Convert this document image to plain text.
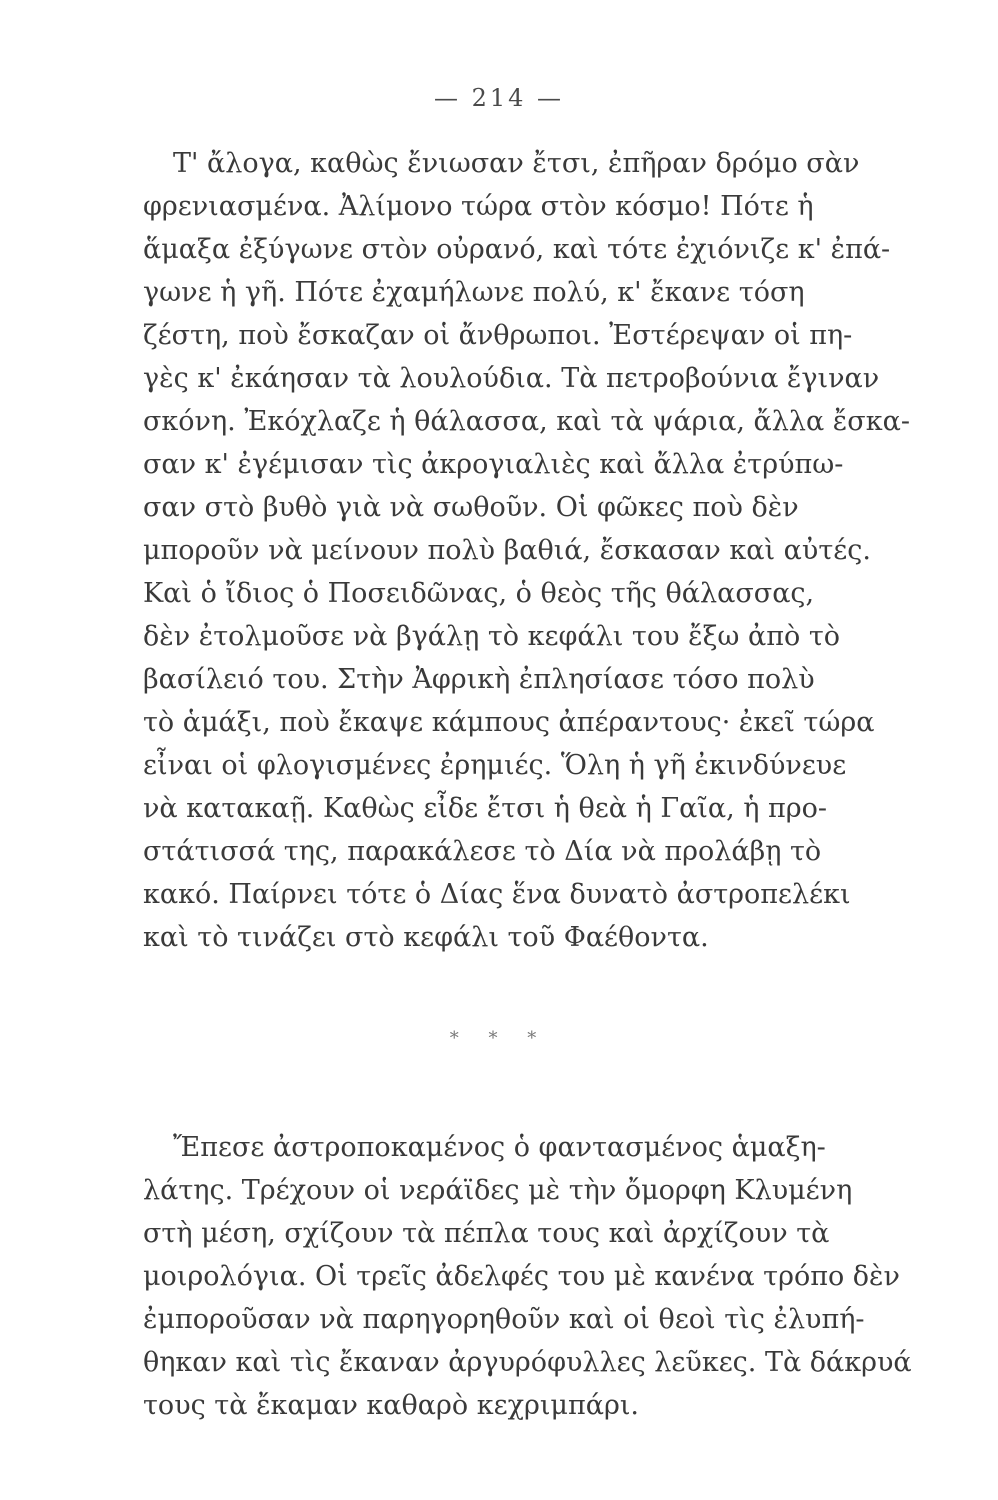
— 214 —
Τ' ἄλογα, καθὼς ἔνιωσαν ἔτσι, ἐπῆραν δρόμο σὰν
φρενιασμένα. Ἀλίμονο τώρα στὸν κόσμο! Πότε ἡ
ἅμαξα ἐξύγωνε στὸν οὐρανό, καὶ τότε ἐχιόνιζε κ' ἐπά-
γωνε ἡ γῆ. Πότε ἐχαμήλωνε πολύ, κ' ἔκανε τόση
ζέστη, ποὺ ἔσκαζαν οἱ ἄνθρωποι. Ἐστέρεψαν οἱ πη-
γὲς κ' ἐκάησαν τὰ λουλούδια. Τὰ πετροβούνια ἔγιναν
σκόνη. Ἐκόχλαζε ἡ θάλασσα, καὶ τὰ ψάρια, ἄλλα ἔσκα-
σαν κ' ἐγέμισαν τὶς ἀκρογιαλιὲς καὶ ἄλλα ἐτρύπω-
σαν στὸ βυθὸ γιὰ νὰ σωθοῦν. Οἱ φῶκες ποὺ δὲν
μποροῦν νὰ μείνουν πολὺ βαθιά, ἔσκασαν καὶ αὐτές.
Καὶ ὁ ἴδιος ὁ Ποσειδῶνας, ὁ θεὸς τῆς θάλασσας,
δὲν ἐτολμοῦσε νὰ βγάλῃ τὸ κεφάλι του ἔξω ἀπὸ τὸ
βασίλειό του. Στὴν Ἀφρικὴ ἐπλησίασε τόσο πολὺ
τὸ ἁμάξι, ποὺ ἔκαψε κάμπους ἀπέραντους· ἐκεῖ τώρα
εἶναι οἱ φλογισμένες ἐρημιές. Ὅλη ἡ γῆ ἐκινδύνευε
νὰ κατακαῇ. Καθὼς εἶδε ἔτσι ἡ θεὰ ἡ Γαῖα, ἡ προ-
στάτισσά της, παρακάλεσε τὸ Δία νὰ προλάβῃ τὸ
κακό. Παίρνει τότε ὁ Δίας ἕνα δυνατὸ ἀστροπελέκι
καὶ τὸ τινάζει στὸ κεφάλι τοῦ Φαέθοντα.
* * *
Ἔπεσε ἀστροποκαμένος ὁ φαντασμένος ἁμαξη-
λάτης. Τρέχουν οἱ νεράϊδες μὲ τὴν ὄμορφη Κλυμένη
στὴ μέση, σχίζουν τὰ πέπλα τους καὶ ἀρχίζουν τὰ
μοιρολόγια. Οἱ τρεῖς ἀδελφές του μὲ κανένα τρόπο δὲν
ἐμποροῦσαν νὰ παρηγορηθοῦν καὶ οἱ θεοὶ τὶς ἐλυπή-
θηκαν καὶ τὶς ἔκαναν ἀργυρόφυλλες λεῦκες. Τὰ δάκρυά
τους τὰ ἔκαμαν καθαρὸ κεχριμπάρι.
